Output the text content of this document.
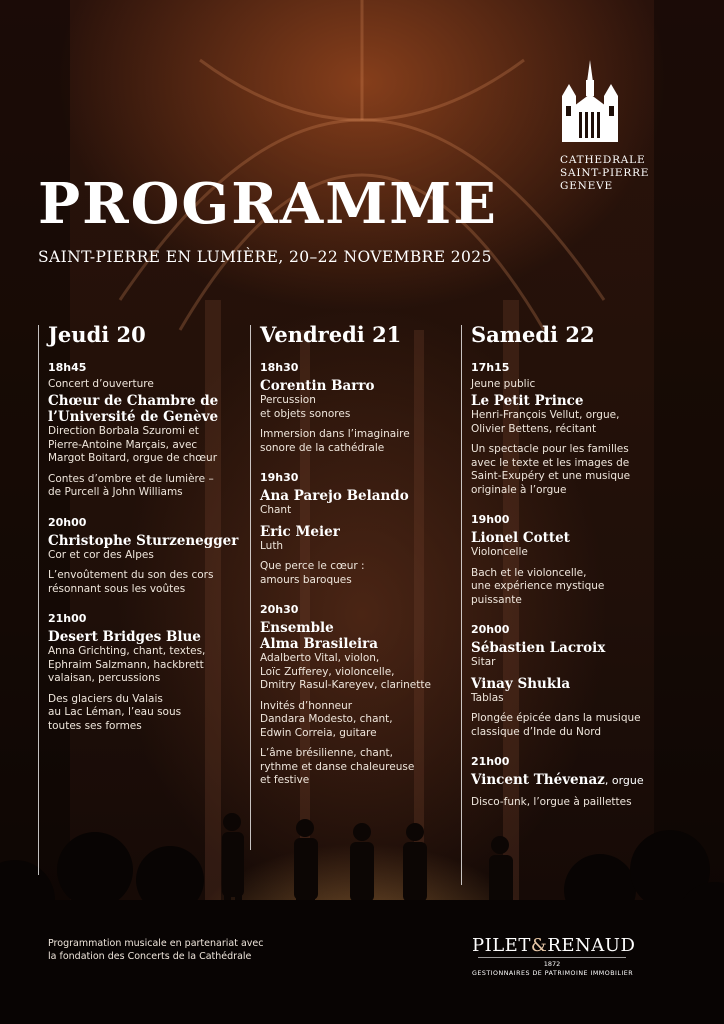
CATHEDRALE
SAINT-PIERRE
GENEVE
PROGRAMME
SAINT-PIERRE EN LUMIÈRE, 20–22 NOVEMBRE 2025
Jeudi 20
18h45
Concert d’ouverture
Chœur de Chambre de
l’Université de Genève
Direction Borbala Szuromi et
Pierre-Antoine Marçais, avec
Margot Boitard, orgue de chœur
Contes d’ombre et de lumière –
de Purcell à John Williams
20h00
Christophe Sturzenegger
Cor et cor des Alpes
L’envoûtement du son des cors
résonnant sous les voûtes
21h00
Desert Bridges Blue
Anna Grichting, chant, textes,
Ephraim Salzmann, hackbrett
valaisan, percussions
Des glaciers du Valais
au Lac Léman, l’eau sous
toutes ses formes
Vendredi 21
18h30
Corentin Barro
Percussion
et objets sonores
Immersion dans l’imaginaire
sonore de la cathédrale
19h30
Ana Parejo Belando
Chant
Eric Meier
Luth
Que perce le cœur :
amours baroques
20h30
Ensemble
Alma Brasileira
Adalberto Vital, violon,
Loïc Zufferey, violoncelle,
Dmitry Rasul-Kareyev, clarinette
Invités d’honneur
Dandara Modesto, chant,
Edwin Correia, guitare
L’âme brésilienne, chant,
rythme et danse chaleureuse
et festive
Samedi 22
17h15
Jeune public
Le Petit Prince
Henri-François Vellut, orgue,
Olivier Bettens, récitant
Un spectacle pour les familles
avec le texte et les images de
Saint-Exupéry et une musique
originale à l’orgue
19h00
Lionel Cottet
Violoncelle
Bach et le violoncelle,
une expérience mystique
puissante
20h00
Sébastien Lacroix
Sitar
Vinay Shukla
Tablas
Plongée épicée dans la musique
classique d’Inde du Nord
21h00
Vincent Thévenaz, orgue
Disco-funk, l’orgue à paillettes
Programmation musicale en partenariat avec
la fondation des Concerts de la Cathédrale	PILET&RENAUD
1872
GESTIONNAIRES DE PATRIMOINE IMMOBILIER
